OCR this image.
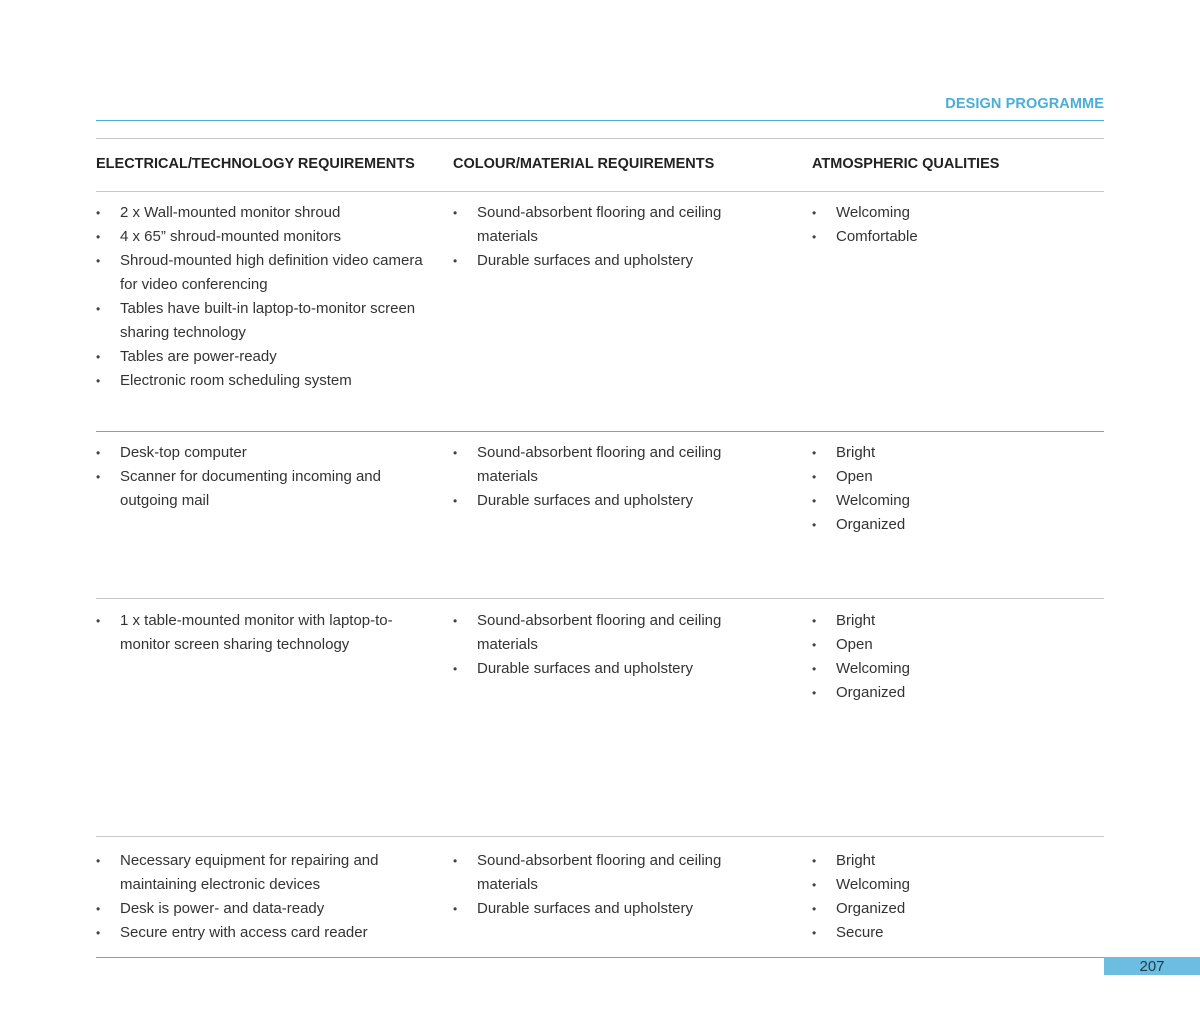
DESIGN PROGRAMME
ELECTRICAL/TECHNOLOGY REQUIREMENTS	COLOUR/MATERIAL REQUIREMENTS	ATMOSPHERIC QUALITIES
• 2 x Wall-mounted monitor shroud
• 4 x 65” shroud-mounted monitors
• Shroud-mounted high definition video camera for video conferencing
• Tables have built-in laptop-to-monitor screen sharing technology
• Tables are power-ready
• Electronic room scheduling system
• Sound-absorbent flooring and ceiling materials
• Durable surfaces and upholstery
• Welcoming
• Comfortable
• Desk-top computer
• Scanner for documenting incoming and outgoing mail
• Sound-absorbent flooring and ceiling materials
• Durable surfaces and upholstery
• Bright
• Open
• Welcoming
• Organized
• 1 x table-mounted monitor with laptop-to-monitor screen sharing technology
• Sound-absorbent flooring and ceiling materials
• Durable surfaces and upholstery
• Bright
• Open
• Welcoming
• Organized
• Necessary equipment for repairing and maintaining electronic devices
• Desk is power- and data-ready
• Secure entry with access card reader
• Sound-absorbent flooring and ceiling materials
• Durable surfaces and upholstery
• Bright
• Welcoming
• Organized
• Secure
207
